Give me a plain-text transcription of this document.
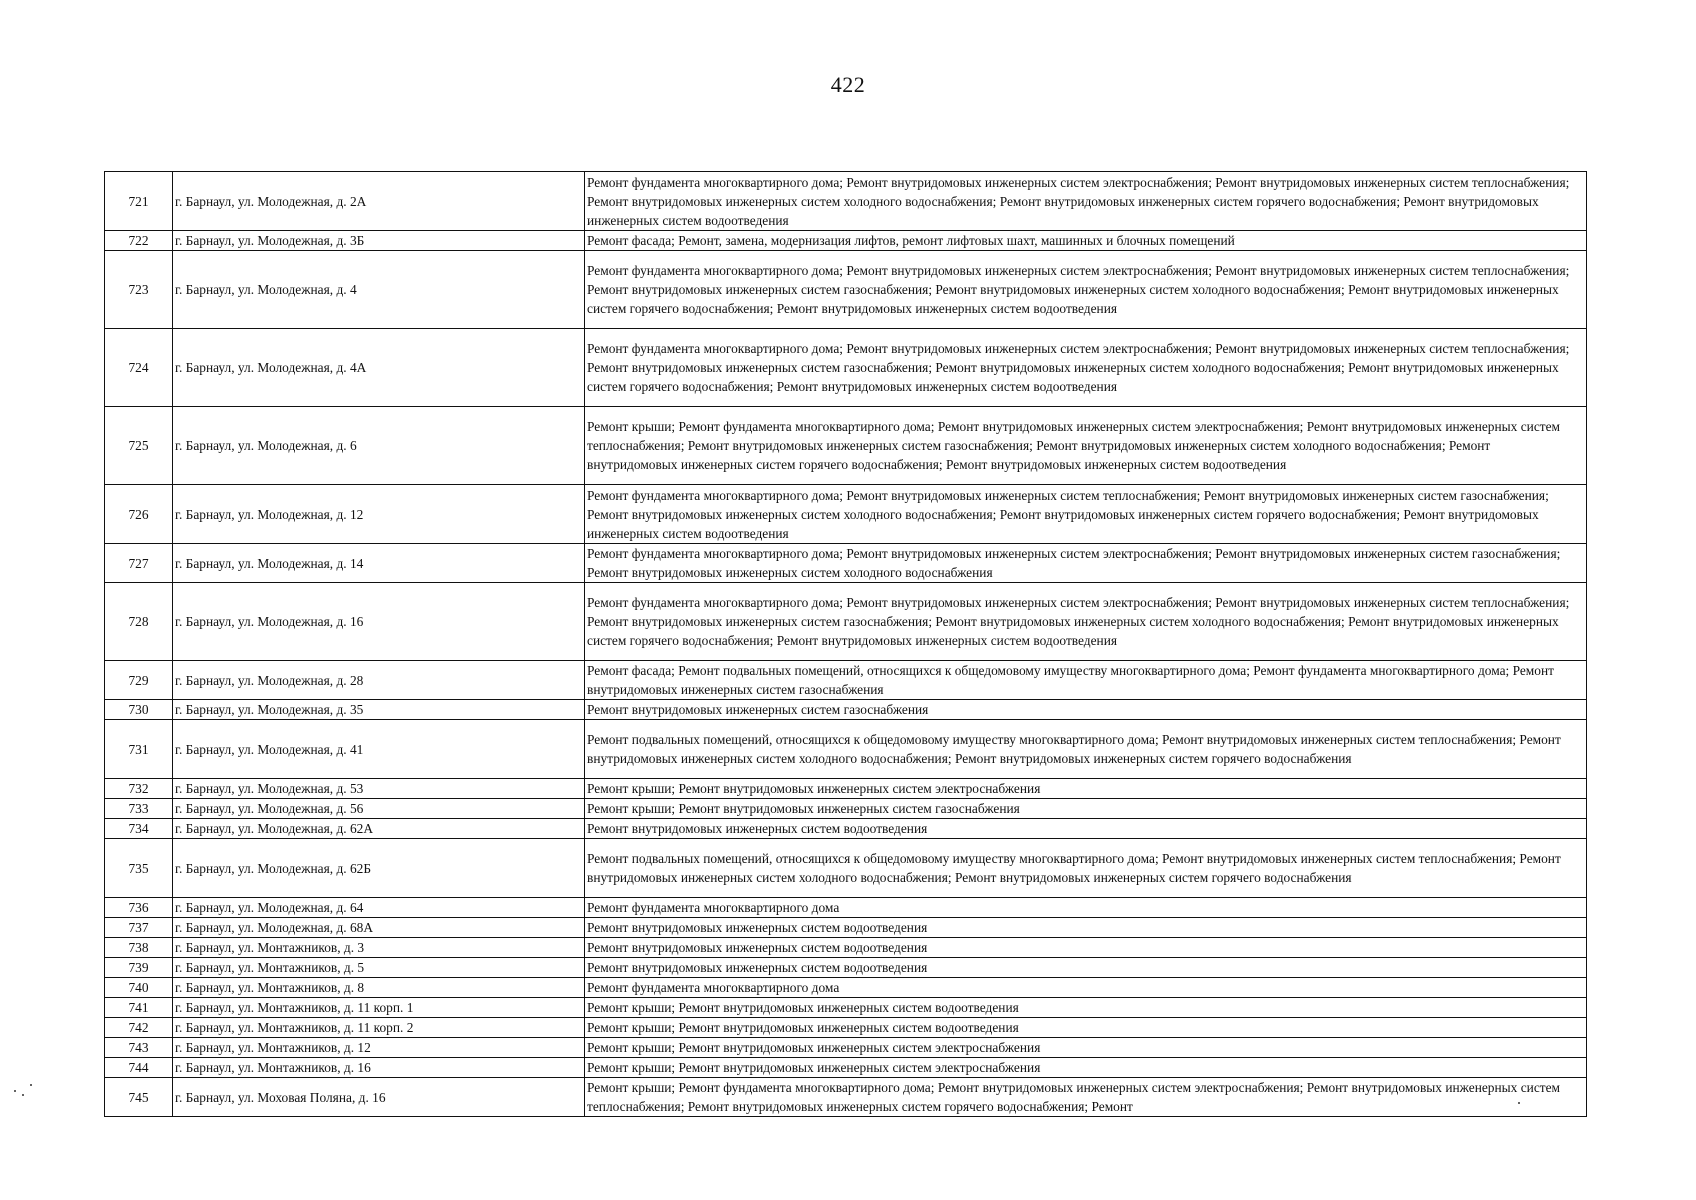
422
721	г. Барнаул, ул. Молодежная, д. 2А	Ремонт фундамента многоквартирного дома; Ремонт внутридомовых инженерных систем электроснабжения; Ремонт внутридомовых инженерных систем теплоснабжения; Ремонт внутридомовых инженерных систем холодного водоснабжения; Ремонт внутридомовых инженерных систем горячего водоснабжения; Ремонт внутридомовых инженерных систем водоотведения
722	г. Барнаул, ул. Молодежная, д. 3Б	Ремонт фасада; Ремонт, замена, модернизация лифтов, ремонт лифтовых шахт, машинных и блочных помещений
723	г. Барнаул, ул. Молодежная, д. 4	Ремонт фундамента многоквартирного дома; Ремонт внутридомовых инженерных систем электроснабжения; Ремонт внутридомовых инженерных систем теплоснабжения; Ремонт внутридомовых инженерных систем газоснабжения; Ремонт внутридомовых инженерных систем холодного водоснабжения; Ремонт внутридомовых инженерных систем горячего водоснабжения; Ремонт внутридомовых инженерных систем водоотведения
724	г. Барнаул, ул. Молодежная, д. 4А	Ремонт фундамента многоквартирного дома; Ремонт внутридомовых инженерных систем электроснабжения; Ремонт внутридомовых инженерных систем теплоснабжения; Ремонт внутридомовых инженерных систем газоснабжения; Ремонт внутридомовых инженерных систем холодного водоснабжения; Ремонт внутридомовых инженерных систем горячего водоснабжения; Ремонт внутридомовых инженерных систем водоотведения
725	г. Барнаул, ул. Молодежная, д. 6	Ремонт крыши; Ремонт фундамента многоквартирного дома; Ремонт внутридомовых инженерных систем электроснабжения; Ремонт внутридомовых инженерных систем теплоснабжения; Ремонт внутридомовых инженерных систем газоснабжения; Ремонт внутридомовых инженерных систем холодного водоснабжения; Ремонт внутридомовых инженерных систем горячего водоснабжения; Ремонт внутридомовых инженерных систем водоотведения
726	г. Барнаул, ул. Молодежная, д. 12	Ремонт фундамента многоквартирного дома; Ремонт внутридомовых инженерных систем теплоснабжения; Ремонт внутридомовых инженерных систем газоснабжения; Ремонт внутридомовых инженерных систем холодного водоснабжения; Ремонт внутридомовых инженерных систем горячего водоснабжения; Ремонт внутридомовых инженерных систем водоотведения
727	г. Барнаул, ул. Молодежная, д. 14	Ремонт фундамента многоквартирного дома; Ремонт внутридомовых инженерных систем электроснабжения; Ремонт внутридомовых инженерных систем газоснабжения; Ремонт внутридомовых инженерных систем холодного водоснабжения
728	г. Барнаул, ул. Молодежная, д. 16	Ремонт фундамента многоквартирного дома; Ремонт внутридомовых инженерных систем электроснабжения; Ремонт внутридомовых инженерных систем теплоснабжения; Ремонт внутридомовых инженерных систем газоснабжения; Ремонт внутридомовых инженерных систем холодного водоснабжения; Ремонт внутридомовых инженерных систем горячего водоснабжения; Ремонт внутридомовых инженерных систем водоотведения
729	г. Барнаул, ул. Молодежная, д. 28	Ремонт фасада; Ремонт подвальных помещений, относящихся к общедомовому имуществу многоквартирного дома; Ремонт фундамента многоквартирного дома; Ремонт внутридомовых инженерных систем газоснабжения
730	г. Барнаул, ул. Молодежная, д. 35	Ремонт внутридомовых инженерных систем газоснабжения
731	г. Барнаул, ул. Молодежная, д. 41	Ремонт подвальных помещений, относящихся к общедомовому имуществу многоквартирного дома; Ремонт внутридомовых инженерных систем теплоснабжения; Ремонт внутридомовых инженерных систем холодного водоснабжения; Ремонт внутридомовых инженерных систем горячего водоснабжения
732	г. Барнаул, ул. Молодежная, д. 53	Ремонт крыши; Ремонт внутридомовых инженерных систем электроснабжения
733	г. Барнаул, ул. Молодежная, д. 56	Ремонт крыши; Ремонт внутридомовых инженерных систем газоснабжения
734	г. Барнаул, ул. Молодежная, д. 62А	Ремонт внутридомовых инженерных систем водоотведения
735	г. Барнаул, ул. Молодежная, д. 62Б	Ремонт подвальных помещений, относящихся к общедомовому имуществу многоквартирного дома; Ремонт внутридомовых инженерных систем теплоснабжения; Ремонт внутридомовых инженерных систем холодного водоснабжения; Ремонт внутридомовых инженерных систем горячего водоснабжения
736	г. Барнаул, ул. Молодежная, д. 64	Ремонт фундамента многоквартирного дома
737	г. Барнаул, ул. Молодежная, д. 68А	Ремонт внутридомовых инженерных систем водоотведения
738	г. Барнаул, ул. Монтажников, д. 3	Ремонт внутридомовых инженерных систем водоотведения
739	г. Барнаул, ул. Монтажников, д. 5	Ремонт внутридомовых инженерных систем водоотведения
740	г. Барнаул, ул. Монтажников, д. 8	Ремонт фундамента многоквартирного дома
741	г. Барнаул, ул. Монтажников, д. 11 корп. 1	Ремонт крыши; Ремонт внутридомовых инженерных систем водоотведения
742	г. Барнаул, ул. Монтажников, д. 11 корп. 2	Ремонт крыши; Ремонт внутридомовых инженерных систем водоотведения
743	г. Барнаул, ул. Монтажников, д. 12	Ремонт крыши; Ремонт внутридомовых инженерных систем электроснабжения
744	г. Барнаул, ул. Монтажников, д. 16	Ремонт крыши; Ремонт внутридомовых инженерных систем электроснабжения
745	г. Барнаул, ул. Моховая Поляна, д. 16	Ремонт крыши; Ремонт фундамента многоквартирного дома; Ремонт внутридомовых инженерных систем электроснабжения; Ремонт внутридомовых инженерных систем теплоснабжения; Ремонт внутридомовых инженерных систем горячего водоснабжения; Ремонт
